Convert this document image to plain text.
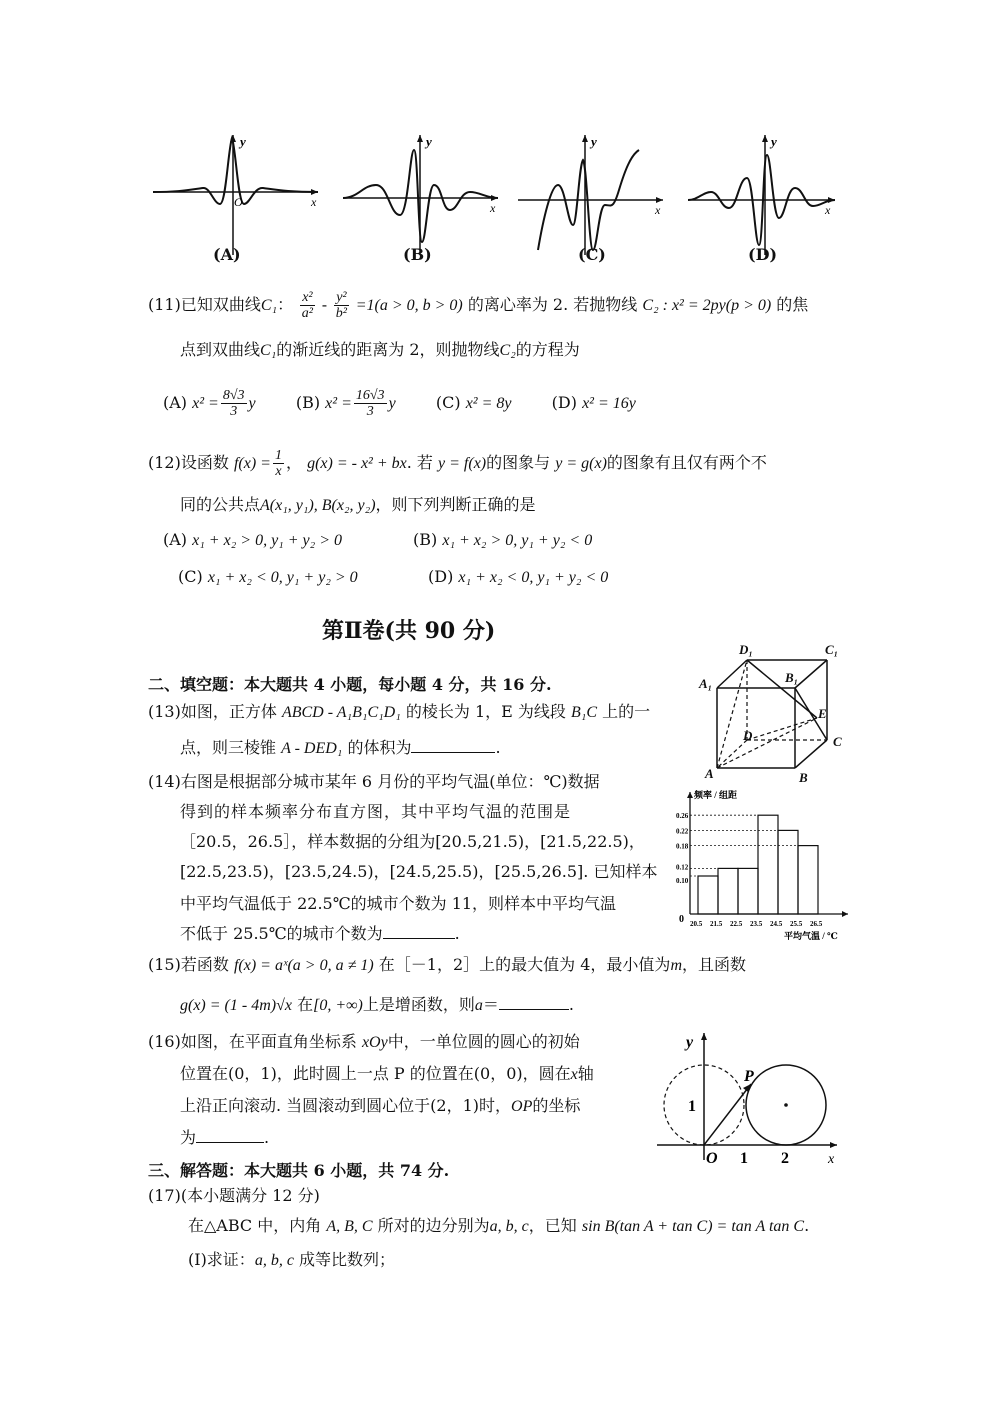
y
x
O
y
x
y
x
y
x
(A)	(B)	(C)	(D)
(11)已知双曲线C₁： $\frac{\text{x²}}{\text{a²}} - \frac{\text{y²}}{\text{b²}} =1(a > 0$, b > 0) 的离心率为 2. 若抛物线 C₂ : x² = 2py(p > 0) 的焦
点到双曲线C₁的渐近线的距离为 2，则抛物线C₂的方程为
(A) $x^2 = \frac{8√3}{3}$ y	(B) $x^2 = \frac{16√3}{3}$ y	(C) x² = 8y	(D) x² = 16y
(12)设函数 $f(x) = \frac{1}{x}$ ， g(x) = - x² + bx. 若 y = f(x)的图象与 y = g(x)的图象有且仅有两个不
同的公共点A(x₁, y₁), B(x₂, y₂)，则下列判断正确的是
(A) x₁ + x₂ > 0, y₁ + y₂ > 0	(B) x₁ + x₂ > 0, y₁ + y₂ < 0
(C) x₁ + x₂ < 0, y₁ + y₂ > 0	(D) x₁ + x₂ < 0, y₁ + y₂ < 0
第Ⅱ卷(共 90 分)
二、填空题：本大题共 4 小题，每小题 4 分，共 16 分.
(13)如图，正方体 ABCD - A₁B₁C₁D₁ 的棱长为 1，E 为线段 B₁C 上的一
点，则三棱锥 A - DED₁ 的体积为	.
D₁	C₁
A₁	B₁
E
D	C
A	B
(14)右图是根据部分城市某年 6 月份的平均气温(单位：℃)数据
得到的样本频率分布直方图，其中平均气温的范围是
［20.5，26.5］，样本数据的分组为[20.5,21.5)，[21.5,22.5)，
[22.5,23.5)，[23.5,24.5)，[24.5,25.5)，[25.5,26.5]. 已知样本
中平均气温低于 22.5℃的城市个数为 11，则样本中平均气温
不低于 25.5℃的城市个数为	.
频率 / 组距
平均气温 / ℃
0
0.26
0.22
0.18
0.12
0.10
20.5 21.5 22.5 23.5 24.5 25.5 26.5
(15)若函数 f(x) = aˣ(a > 0, a ≠ 1) 在［－1，2］上的最大值为 4，最小值为m，且函数
g(x) = (1 - 4m)√x 在[0, +∞)上是增函数，则a＝	.
(16)如图，在平面直角坐标系 xOy中，一单位圆的圆心的初始
位置在(0，1)，此时圆上一点 P 的位置在(0，0)，圆在x轴
上沿正向滚动. 当圆滚动到圆心位于(2，1)时，OP的坐标
为	.
y
P
1
O 1 2	x
三、解答题：本大题共 6 小题，共 74 分.
(17)(本小题满分 12 分)
在△ABC 中，内角 A, B, C 所对的边分别为a, b, c，已知 sin B(tan A + tan C) = tan A tan C.
(Ⅰ)求证：a, b, c 成等比数列；
